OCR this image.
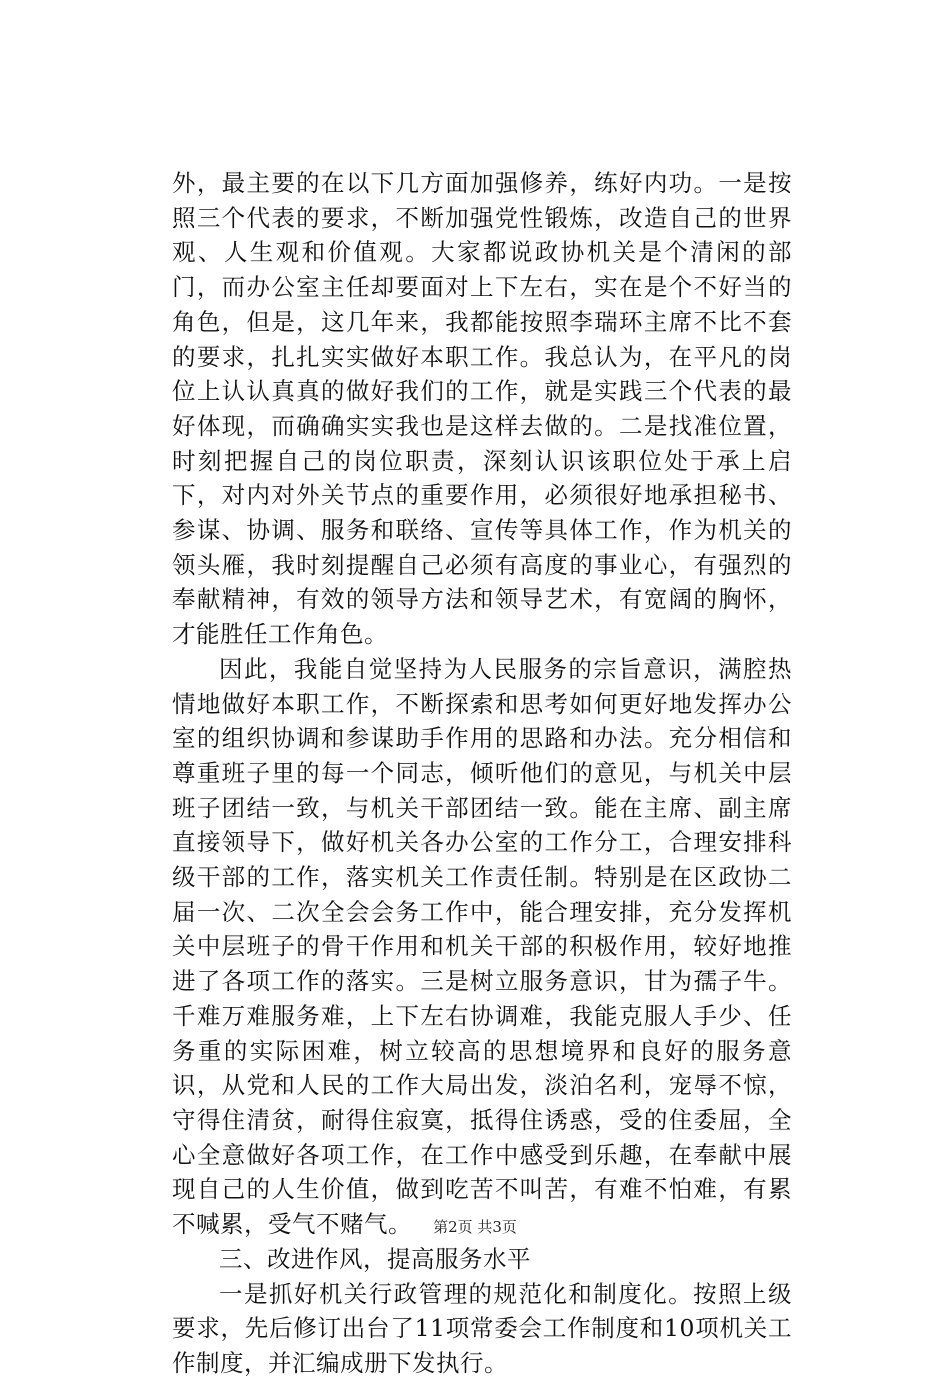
外，最主要的在以下几方面加强修养，练好内功。一是按照三个代表的要求，不断加强党性锻炼，改造自己的世界观、人生观和价值观。大家都说政协机关是个清闲的部门，而办公室主任却要面对上下左右，实在是个不好当的角色，但是，这几年来，我都能按照李瑞环主席不比不套的要求，扎扎实实做好本职工作。我总认为，在平凡的岗位上认认真真的做好我们的工作，就是实践三个代表的最好体现，而确确实实我也是这样去做的。二是找准位置，时刻把握自己的岗位职责，深刻认识该职位处于承上启下，对内对外关节点的重要作用，必须很好地承担秘书、参谋、协调、服务和联络、宣传等具体工作，作为机关的领头雁，我时刻提醒自己必须有高度的事业心，有强烈的奉献精神，有效的领导方法和领导艺术，有宽阔的胸怀，才能胜任工作角色。

因此，我能自觉坚持为人民服务的宗旨意识，满腔热情地做好本职工作，不断探索和思考如何更好地发挥办公室的组织协调和参谋助手作用的思路和办法。充分相信和尊重班子里的每一个同志，倾听他们的意见，与机关中层班子团结一致，与机关干部团结一致。能在主席、副主席直接领导下，做好机关各办公室的工作分工，合理安排科级干部的工作，落实机关工作责任制。特别是在区政协二届一次、二次全会会务工作中，能合理安排，充分发挥机关中层班子的骨干作用和机关干部的积极作用，较好地推进了各项工作的落实。三是树立服务意识，甘为孺子牛。千难万难服务难，上下左右协调难，我能克服人手少、任务重的实际困难，树立较高的思想境界和良好的服务意识，从党和人民的工作大局出发，淡泊名利，宠辱不惊，守得住清贫，耐得住寂寞，抵得住诱惑，受的住委屈，全心全意做好各项工作，在工作中感受到乐趣，在奉献中展现自己的人生价值，做到吃苦不叫苦，有难不怕难，有累不喊累，受气不赌气。

三、改进作风，提高服务水平

一是抓好机关行政管理的规范化和制度化。按照上级要求，先后修订出台了11项常委会工作制度和10项机关工作制度，并汇编成册下发执行。

第2页 共3页
